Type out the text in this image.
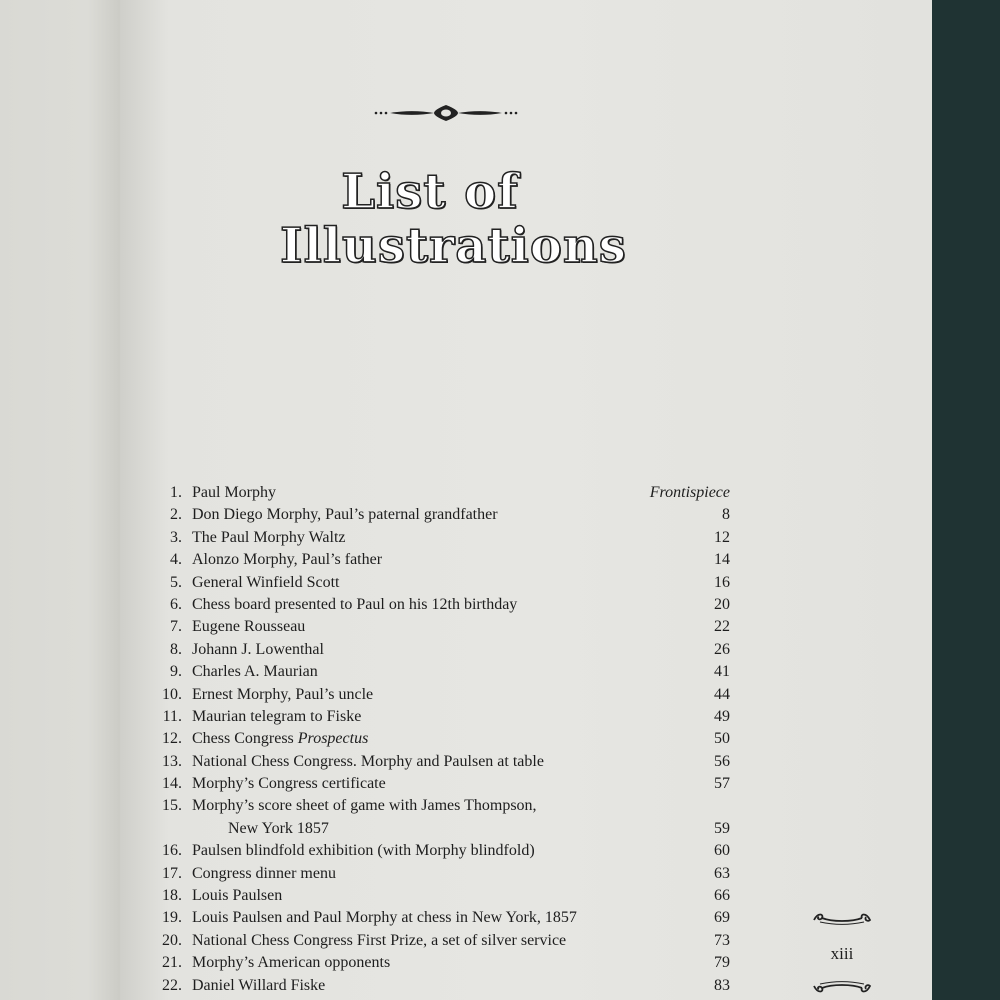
List of
Illustrations
1. Paul Morphy	Frontispiece
2. Don Diego Morphy, Paul’s paternal grandfather	8
3. The Paul Morphy Waltz	12
4. Alonzo Morphy, Paul’s father	14
5. General Winfield Scott	16
6. Chess board presented to Paul on his 12th birthday	20
7. Eugene Rousseau	22
8. Johann J. Lowenthal	26
9. Charles A. Maurian	41
10. Ernest Morphy, Paul’s uncle	44
11. Maurian telegram to Fiske	49
12. Chess Congress Prospectus	50
13. National Chess Congress. Morphy and Paulsen at table	56
14. Morphy’s Congress certificate	57
15. Morphy’s score sheet of game with James Thompson,
New York 1857	59
16. Paulsen blindfold exhibition (with Morphy blindfold)	60
17. Congress dinner menu	63
18. Louis Paulsen	66
19. Louis Paulsen and Paul Morphy at chess in New York, 1857	69
20. National Chess Congress First Prize, a set of silver service	73
21. Morphy’s American opponents	79
22. Daniel Willard Fiske	83
xiii
